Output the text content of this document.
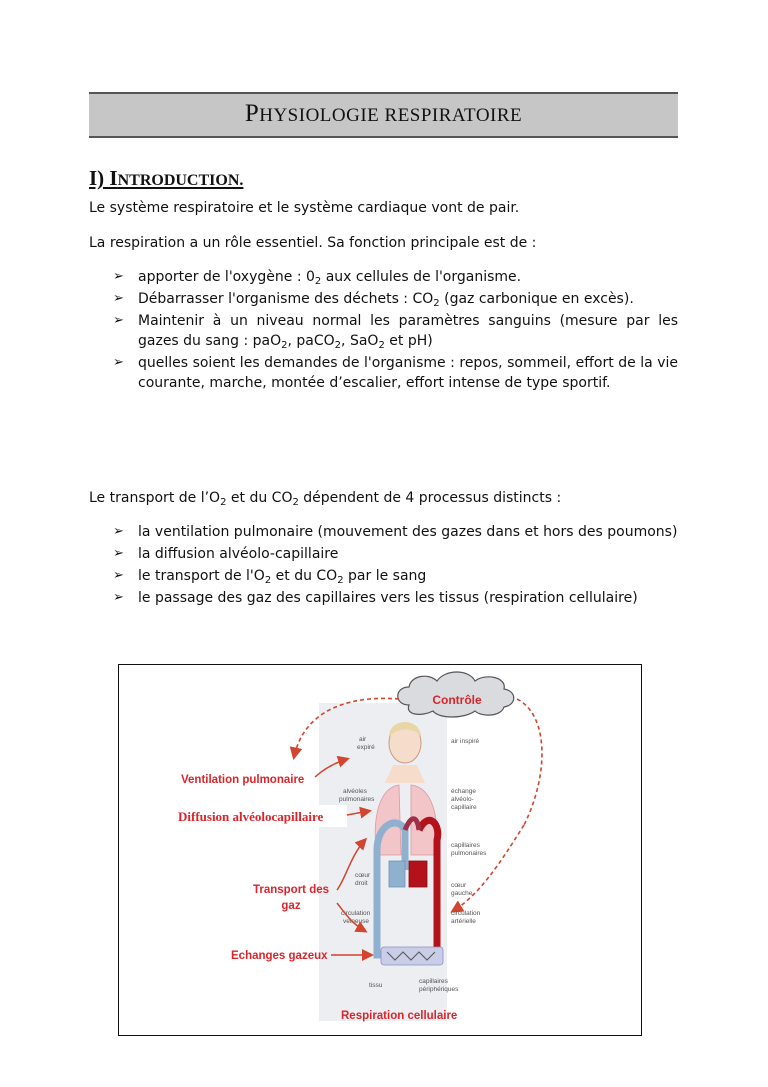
PHYSIOLOGIE RESPIRATOIRE
I) INTRODUCTION.
Le système respiratoire et le système cardiaque vont de pair.
La respiration a un rôle essentiel. Sa fonction principale est de :
➢ apporter de l'oxygène : $0_2$ aux cellules de l'organisme.
➢ Débarrasser l'organisme des déchets : $CO_2$ (gaz carbonique en excès).
➢ Maintenir à un niveau normal les paramètres sanguins (mesure par les gazes du sang : paO$_2$, paCO$_2$, SaO$_2$ et pH)
➢ quelles soient les demandes de l'organisme : repos, sommeil, effort de la vie courante, marche, montée d’escalier, effort intense de type sportif.
Le transport de $l’O_2$ et du $CO_2$ dépendent de 4 processus distincts :
➢ la ventilation pulmonaire (mouvement des gazes dans et hors des poumons)
➢ la diffusion alvéolo-capillaire
➢ le transport de $l'O_2$ et du $CO_2$ par le sang
➢ le passage des gaz des capillaires vers les tissus (respiration cellulaire)
Contrôle
air expiré
air inspiré
tissu
capillaires périphériques
alvéoles pulmonaires
échange alvéolo-capillaire
capillaires pulmonaires
cœur droit	cœur gauche
circulation veineuse
circulation artérielle
Ventilation pulmonaire
Diffusion alvéolocapillaire
Transport des
gaz
Echanges gazeux
Respiration cellulaire
